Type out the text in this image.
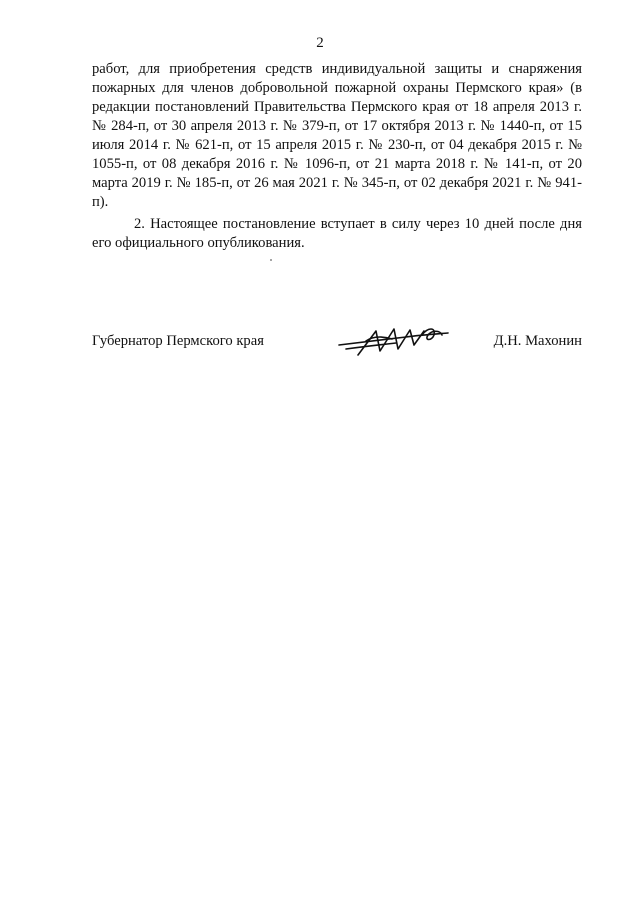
2

работ, для приобретения средств индивидуальной защиты и снаряжения пожарных для членов добровольной пожарной охраны Пермского края» (в редакции постановлений Правительства Пермского края от 18 апреля 2013 г. № 284-п, от 30 апреля 2013 г. № 379-п, от 17 октября 2013 г. № 1440-п, от 15 июля 2014 г. № 621-п, от 15 апреля 2015 г. № 230-п, от 04 декабря 2015 г. № 1055-п, от 08 декабря 2016 г. № 1096-п, от 21 марта 2018 г. № 141-п, от 20 марта 2019 г. № 185-п, от 26 мая 2021 г. № 345-п, от 02 декабря 2021 г. № 941-п).

2. Настоящее постановление вступает в силу через 10 дней после дня его официального опубликования.

Губернатор Пермского края	Д.Н. Махонин
